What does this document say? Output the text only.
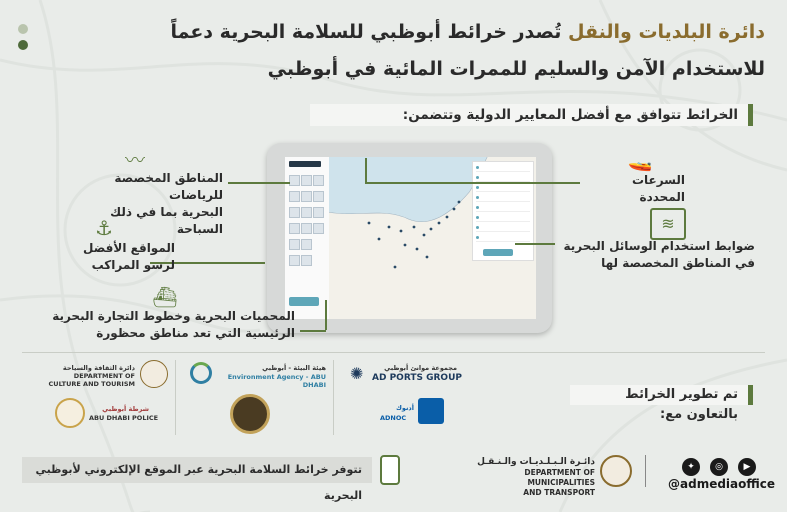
دائرة البلديات والنقل تُصدر خرائط أبوظبي للسلامة البحرية دعماً
للاستخدام الآمن والسليم للممرات المائية في أبوظبي
الخرائط تتوافق مع أفضل المعايير الدولية وتتضمن:
〰
المناطق المخصصة للرياضات
البحرية بما في ذلك السباحة
⚓
المواقع الأفضل
لرسو المراكب
⛴
المحميات البحرية وخطوط التجارة البحرية
الرئيسية التي تعد مناطق محظورة
🚤
السرعات المحددة
≋
ضوابط استخدام الوسائل البحرية
في المناطق المخصصة لها
تم تطوير الخرائط بالتعاون مع:
دائرة الثقافة والسياحة
DEPARTMENT OF CULTURE AND TOURISM
هيئة البيئة - أبوظبي
Environment Agency - ABU DHABI
✺	مجموعة موانئ أبوظبي
AD PORTS GROUP
شرطة أبوظبي
ABU DHABI POLICE
أدنوك
ADNOC
تتوفر خرائط السلامة البحرية عبر الموقع الإلكتروني لأبوظبي البحرية
دائـرة الـبـلـديـات والـنـقـل
DEPARTMENT OF MUNICIPALITIES
AND TRANSPORT
▶
◎
✦
@admediaoffice
